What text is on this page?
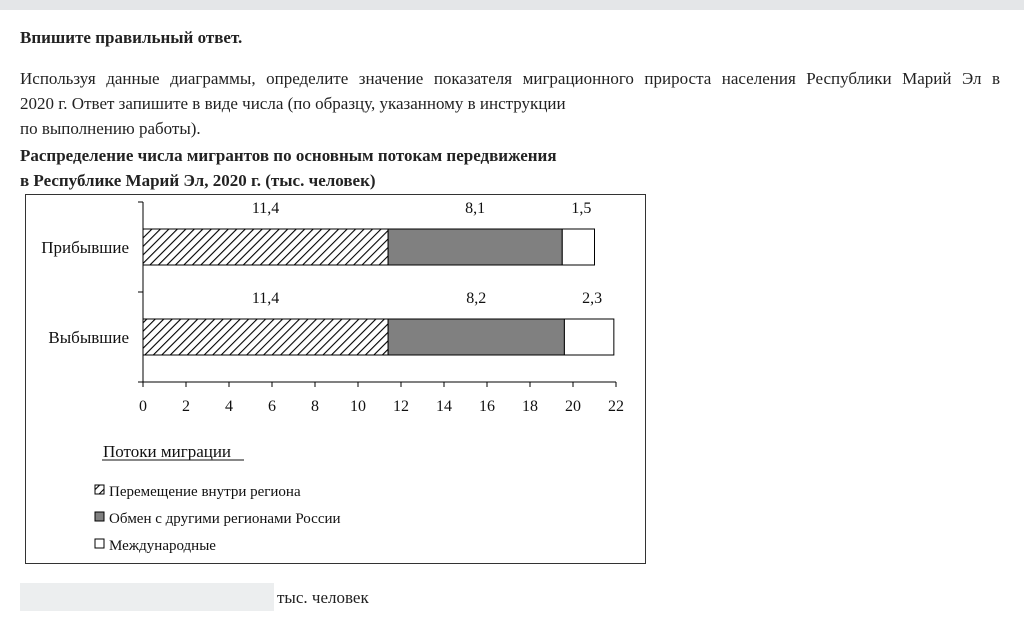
Впишите правильный ответ.
Используя данные диаграммы, определите значение показателя миграционного прироста населения Республики Марий Эл в
2020 г. Ответ запишите в виде числа (по образцу, указанному в инструкции
по выполнению работы).
Распределение числа мигрантов по основным потокам передвижения
в Республике Марий Эл, 2020 г. (тыс. человек)
0 2 4 6 8 10 12 14 16 18 20 22
Прибывшие
11,4	8,1	1,5
Выбывшие
11,4	8,2	2,3
Потоки миграции
Перемещение внутри региона
Обмен с другими регионами России
Международные
тыс. человек
